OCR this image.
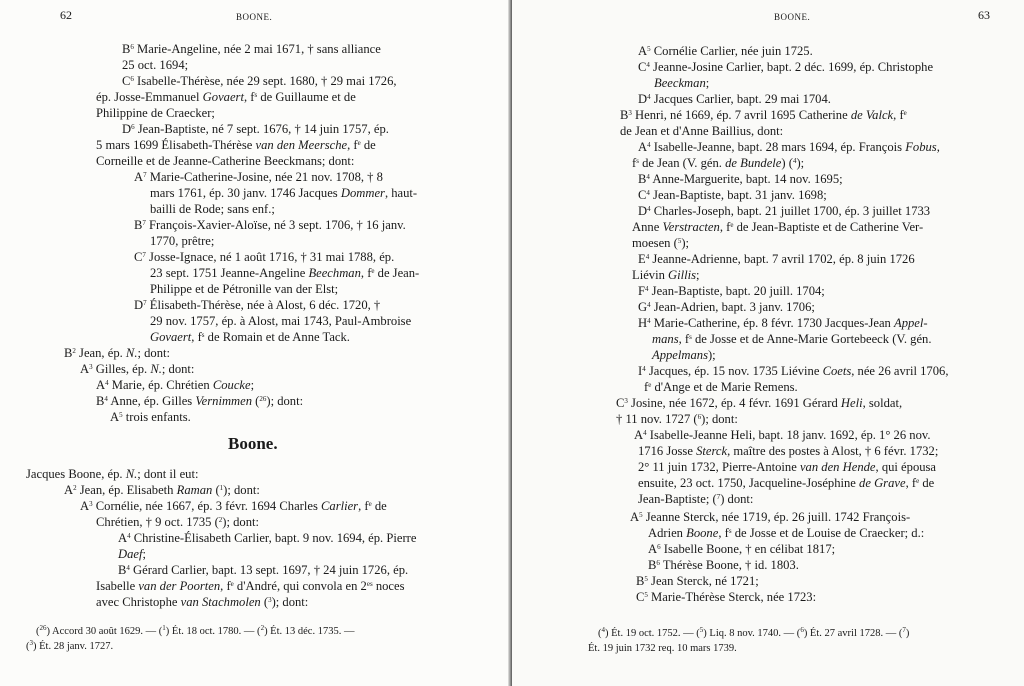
62	BOONE.
$B^6$ Marie-Angeline, née 2 mai 1671, † sans alliance
25 oct. 1694;
$C^6$ Isabelle-Thérèse, née 29 sept. 1680, † 29 mai 1726,
ép. Josse-Emmanuel Govaert, $f^s$ de Guillaume et de
Philippine de Craecker;
$D^6$ Jean-Baptiste, né 7 sept. 1676, † 14 juin 1757, ép.
5 mars 1699 Élisabeth-Thérèse van den Meersche, $f^e$ de
Corneille et de Jeanne-Catherine Beeckmans; dont:
$A^7$ Marie-Catherine-Josine, née 21 nov. 1708, † 8
mars 1761, ép. 30 janv. 1746 Jacques Dommer, haut-
bailli de Rode; sans enf.;
$B^7$ François-Xavier-Aloïse, né 3 sept. 1706, † 16 janv.
1770, prêtre;
$C^7$ Josse-Ignace, né 1 août 1716, † 31 mai 1788, ép.
23 sept. 1751 Jeanne-Angeline Beechman, $f^e$ de Jean-
Philippe et de Pétronille van der Elst;
$D^7$ Élisabeth-Thérèse, née à Alost, 6 déc. 1720, †
29 nov. 1757, ép. à Alost, mai 1743, Paul-Ambroise
Govaert, $f^s$ de Romain et de Anne Tack.
$B^2$ Jean, ép. N.; dont:
$A^3$ Gilles, ép. N.; dont:
$A^4$ Marie, ép. Chrétien Coucke;
$B^4$ Anne, ép. Gilles Vernimmen ($^{26}$); dont:
$A^5$ trois enfants.
Jacques Boone, ép. N.; dont il eut:
$A^2$ Jean, ép. Elisabeth Raman ($^1$); dont:
$A^3$ Cornélie, née 1667, ép. 3 févr. 1694 Charles Carlier, $f^e$ de
Chrétien, † 9 oct. 1735 ($^2$); dont:
$A^4$ Christine-Élisabeth Carlier, bapt. 9 nov. 1694, ép. Pierre
Daef;
$B^4$ Gérard Carlier, bapt. 13 sept. 1697, † 24 juin 1726, ép.
Isabelle van der Poorten, $f^e$ d'André, qui convola en $2^{es}$ noces
avec Christophe van Stachmolen ($^3$); dont:
Boone.
($^{26}$) Accord 30 août 1629. — ($^1$) Ét. 18 oct. 1780. — ($^2$) Ét. 13 déc. 1735. —
($^3$) Ét. 28 janv. 1727.
BOONE.	63
$A^5$ Cornélie Carlier, née juin 1725.
$C^4$ Jeanne-Josine Carlier, bapt. 2 déc. 1699, ép. Christophe
Beeckman;
$D^4$ Jacques Carlier, bapt. 29 mai 1704.
$B^3$ Henri, né 1669, ép. 7 avril 1695 Catherine de Valck, $f^e$
de Jean et d'Anne Baillius, dont:
$A^4$ Isabelle-Jeanne, bapt. 28 mars 1694, ép. François Fobus,
$f^s$ de Jean (V. gén. de Bundele) ($^4$);
$B^4$ Anne-Marguerite, bapt. 14 nov. 1695;
$C^4$ Jean-Baptiste, bapt. 31 janv. 1698;
$D^4$ Charles-Joseph, bapt. 21 juillet 1700, ép. 3 juillet 1733
Anne Verstracten, $f^e$ de Jean-Baptiste et de Catherine Ver-
moesen ($^5$);
$E^4$ Jeanne-Adrienne, bapt. 7 avril 1702, ép. 8 juin 1726
Liévin Gillis;
$F^4$ Jean-Baptiste, bapt. 20 juill. 1704;
$G^4$ Jean-Adrien, bapt. 3 janv. 1706;
$H^4$ Marie-Catherine, ép. 8 févr. 1730 Jacques-Jean Appel-
mans, $f^s$ de Josse et de Anne-Marie Gortebeeck (V. gén.
Appelmans);
$I^4$ Jacques, ép. 15 nov. 1735 Liévine Coets, née 26 avril 1706,
$f^e$ d'Ange et de Marie Remens.
$C^3$ Josine, née 1672, ép. 4 févr. 1691 Gérard Heli, soldat,
† 11 nov. 1727 ($^6$); dont:
$A^4$ Isabelle-Jeanne Heli, bapt. 18 janv. 1692, ép. 1° 26 nov.
1716 Josse Sterck, maître des postes à Alost, † 6 févr. 1732;
2° 11 juin 1732, Pierre-Antoine van den Hende, qui épousa
ensuite, 23 oct. 1750, Jacqueline-Joséphine de Grave, $f^e$ de
Jean-Baptiste; ($^7$) dont:
$A^5$ Jeanne Sterck, née 1719, ép. 26 juill. 1742 François-
Adrien Boone, $f^s$ de Josse et de Louise de Craecker; d.:
$A^6$ Isabelle Boone, † en célibat 1817;
$B^6$ Thérèse Boone, † id. 1803.
$B^5$ Jean Sterck, né 1721;
$C^5$ Marie-Thérèse Sterck, née 1723:
($^4$) Ét. 19 oct. 1752. — ($^5$) Liq. 8 nov. 1740. — ($^6$) Ét. 27 avril 1728. — ($^7$)
Ét. 19 juin 1732 req. 10 mars 1739.
